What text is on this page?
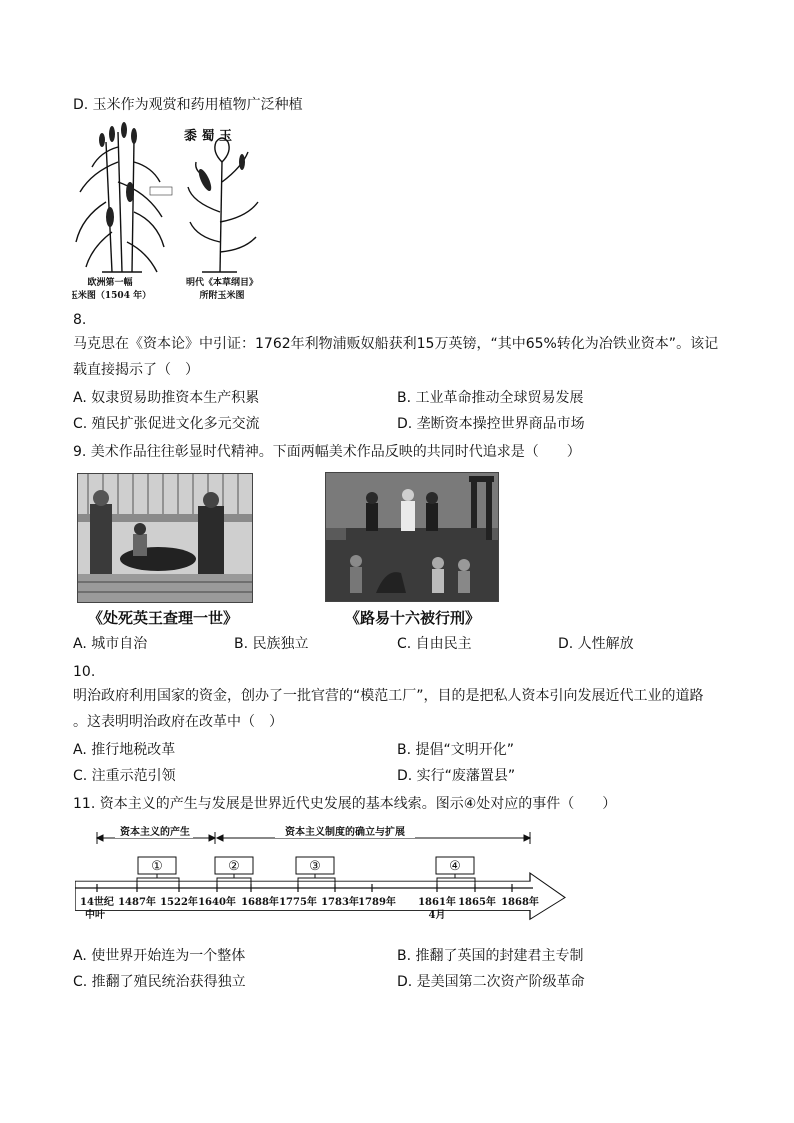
D. 玉米作为观赏和药用植物广泛种植
黍 蜀 玉
欧洲第一幅
玉米图（1504 年）
明代《本草纲目》
所附玉米图
8.
马克思在《资本论》中引证：1762年利物浦贩奴船获利15万英镑，“其中65%转化为冶铁业资本”。该记
载直接揭示了（　）
A. 奴隶贸易助推资本生产积累	B. 工业革命推动全球贸易发展
C. 殖民扩张促进文化多元交流	D. 垄断资本操控世界商品市场
9. 美术作品往往彰显时代精神。下面两幅美术作品反映的共同时代追求是（　　）
《处死英王查理一世》	《路易十六被行刑》
A. 城市自治	B. 民族独立	C. 自由民主	D. 人性解放
10.
明治政府利用国家的资金，创办了一批官营的“模范工厂”，目的是把私人资本引向发展近代工业的道路
。这表明明治政府在改革中（　）
A. 推行地税改革	B. 提倡“文明开化”
C. 注重示范引领	D. 实行“废藩置县”
11. 资本主义的产生与发展是世界近代史发展的基本线索。图示④处对应的事件（　　）
资本主义的产生	资本主义制度的确立与扩展
①	②	③	④
14世纪
中叶
1487年 1522年 1640年 1688年 1775年 1783年 1789年 1861年 1865年 1868年
4月
A. 使世界开始连为一个整体	B. 推翻了英国的封建君主专制
C. 推翻了殖民统治获得独立	D. 是美国第二次资产阶级革命
